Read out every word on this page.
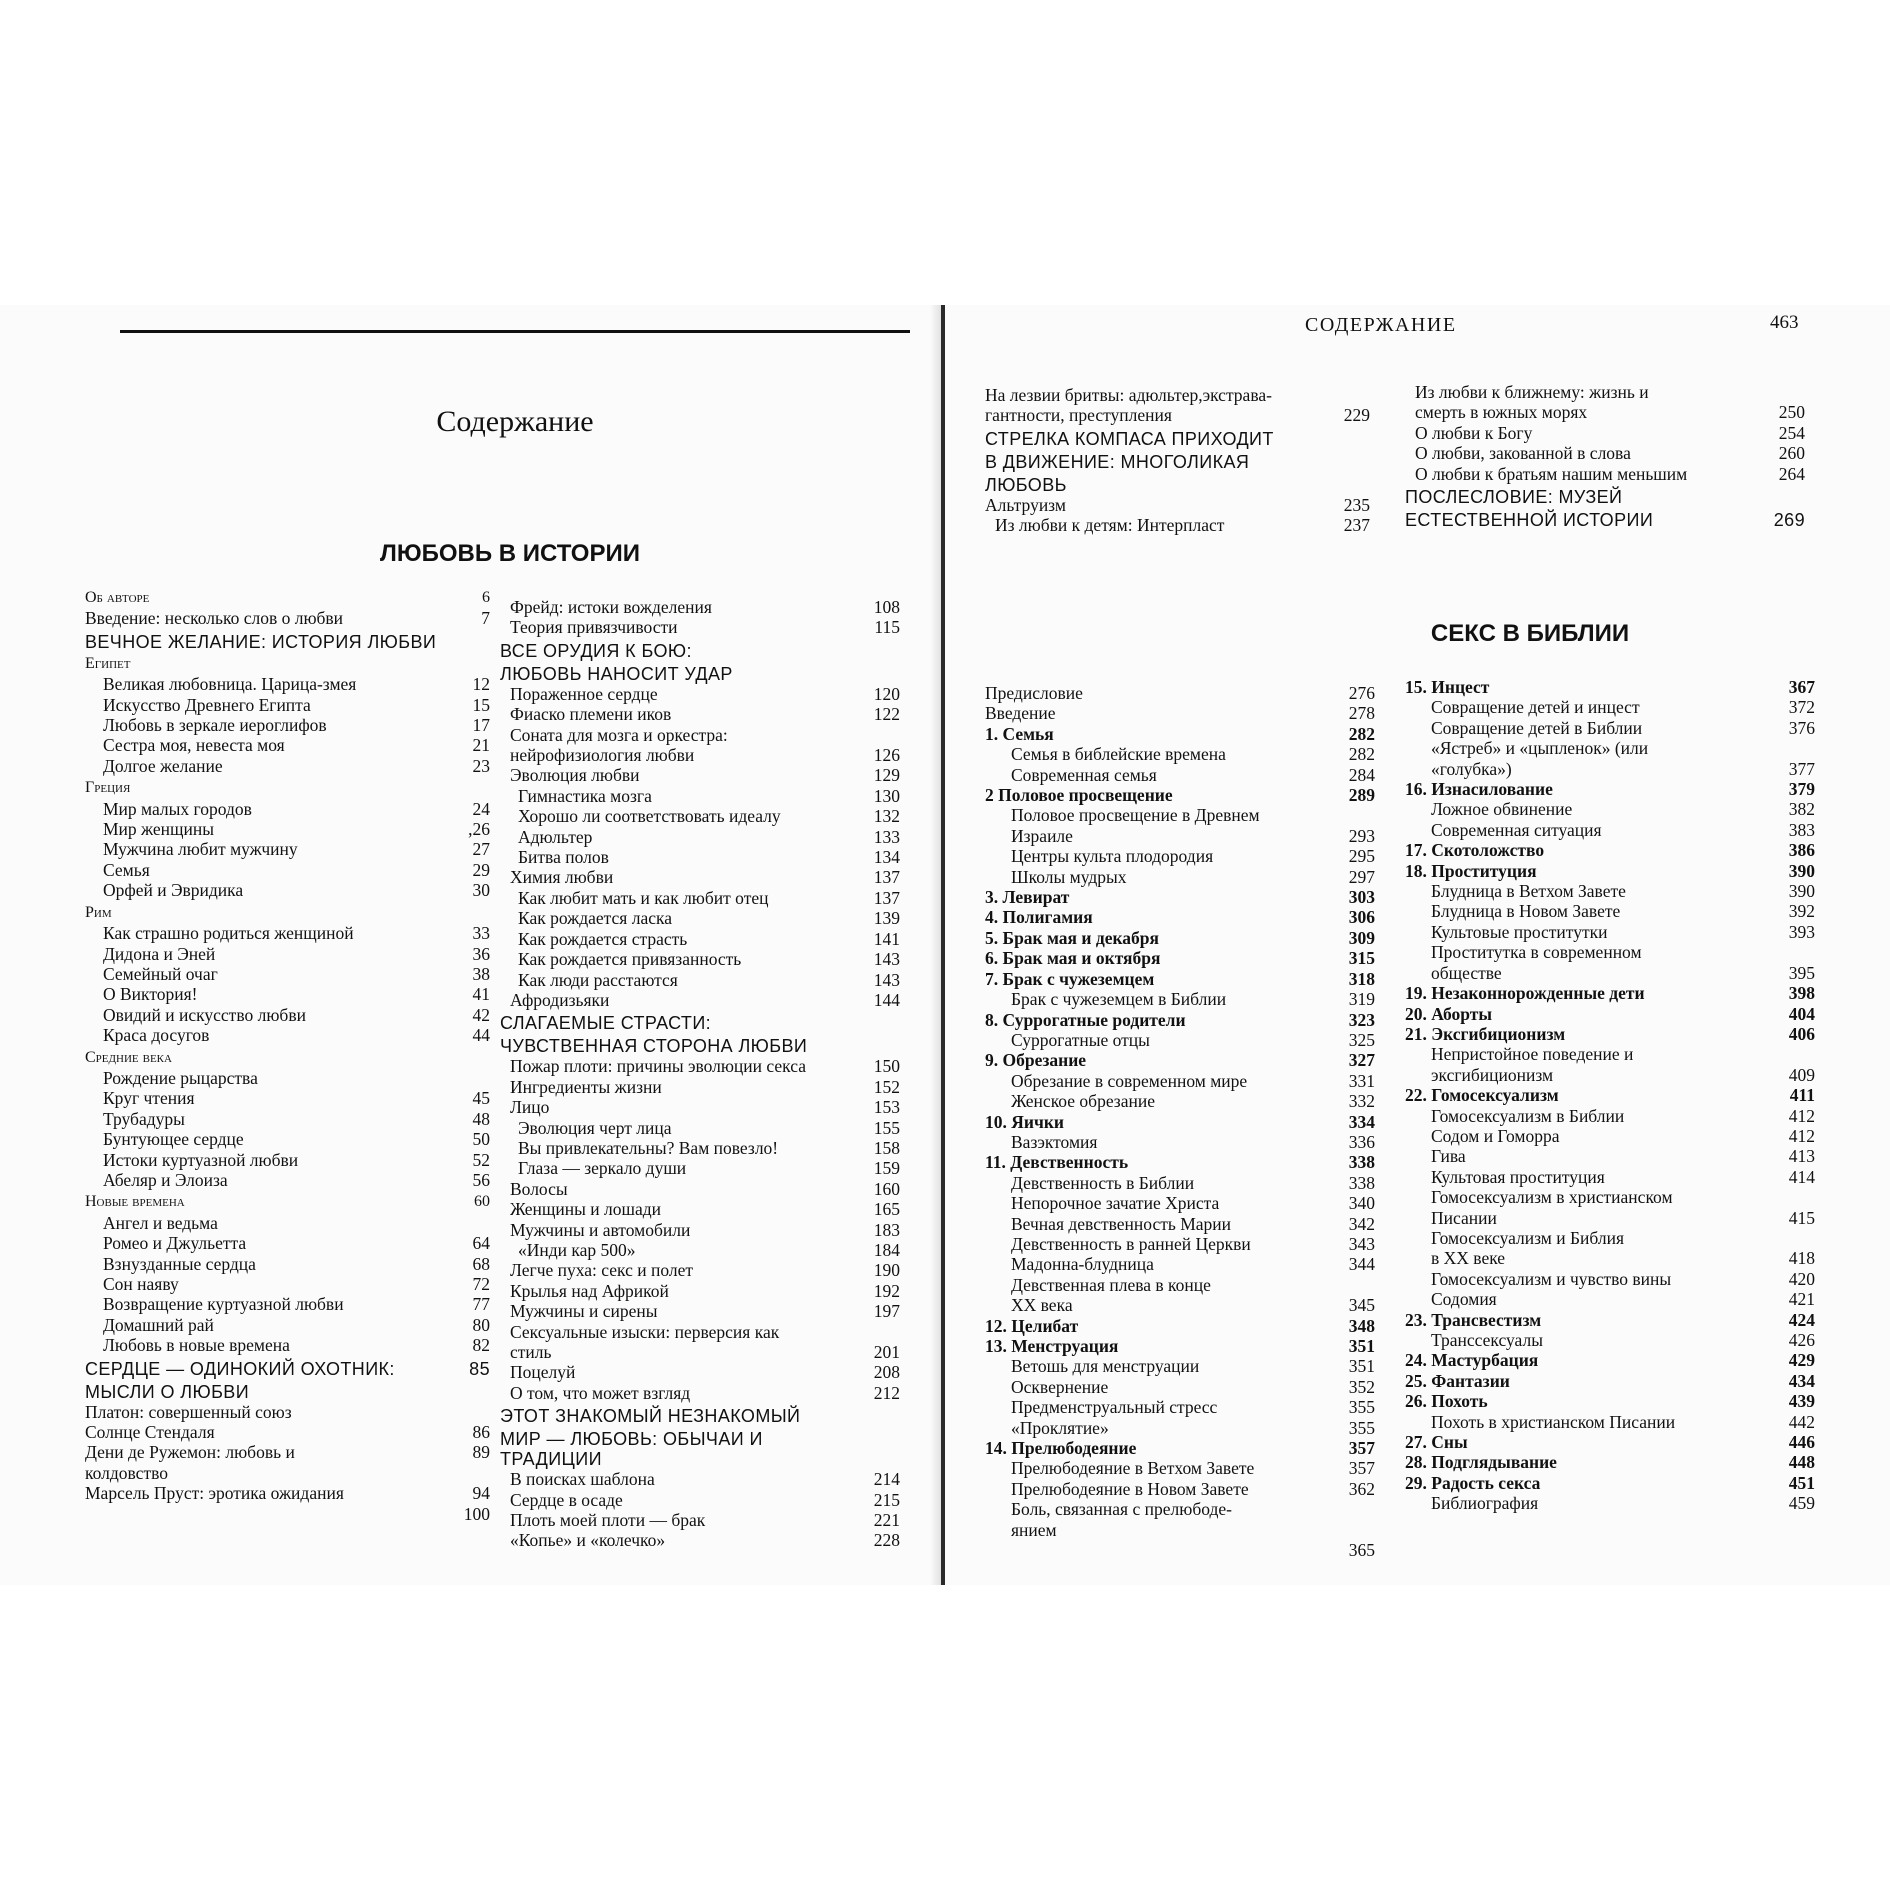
Содержание
ЛЮБОВЬ В ИСТОРИИ
Об авторе	6
Введение: несколько слов о любви	7
ВЕЧНОЕ ЖЕЛАНИЕ: ИСТОРИЯ ЛЮБВИ
Египет
Великая любовница. Царица-змея	12
Искусство Древнего Египта	15
Любовь в зеркале иероглифов	17
Сестра моя, невеста моя	21
Долгое желание	23
Греция
Мир малых городов	24
Мир женщины	,26
Мужчина любит мужчину	27
Семья	29
Орфей и Эвридика	30
Рим
Как страшно родиться женщиной	33
Дидона и Эней	36
Семейный очаг	38
О Виктория!	41
Овидий и искусство любви	42
Краса досугов	44
Средние века
Рождение рыцарства
Круг чтения	45
Трубадуры	48
Бунтующее сердце	50
Истоки куртуазной любви	52
Абеляр и Элоиза	56
Новые времена	60
Ангел и ведьма
Ромео и Джульетта	64
Взнузданные сердца	68
Сон наяву	72
Возвращение куртуазной любви	77
Домашний рай	80
Любовь в новые времена	82
СЕРДЦЕ — ОДИНОКИЙ ОХОТНИК:	85
МЫСЛИ О ЛЮБВИ
Платон: совершенный союз
Солнце Стендаля	86
Дени де Ружемон: любовь и	89
колдовство
Марсель Пруст: эротика ожидания	94
100
Фрейд: истоки вожделения	108
Теория привязчивости	115
ВСЕ ОРУДИЯ К БОЮ:
ЛЮБОВЬ НАНОСИТ УДАР
Пораженное сердце	120
Фиаско племени иков	122
Соната для мозга и оркестра:
нейрофизиология любви	126
Эволюция любви	129
Гимнастика мозга	130
Хорошо ли соответствовать идеалу	132
Адюльтер	133
Битва полов	134
Химия любви	137
Как любит мать и как любит отец	137
Как рождается ласка	139
Как рождается страсть	141
Как рождается привязанность	143
Как люди расстаются	143
Афродизьяки	144
СЛАГАЕМЫЕ СТРАСТИ:
ЧУВСТВЕННАЯ СТОРОНА ЛЮБВИ
Пожар плоти: причины эволюции секса	150
Ингредиенты жизни	152
Лицо	153
Эволюция черт лица	155
Вы привлекательны? Вам повезло!	158
Глаза — зеркало души	159
Волосы	160
Женщины и лошади	165
Мужчины и автомобили	183
«Инди кар 500»	184
Легче пуха: секс и полет	190
Крылья над Африкой	192
Мужчины и сирены	197
Сексуальные изыски: перверсия как
стиль	201
Поцелуй	208
О том, что может взгляд	212
ЭТОТ ЗНАКОМЫЙ НЕЗНАКОМЫЙ
МИР — ЛЮБОВЬ: ОБЫЧАИ И ТРАДИЦИИ
В поисках шаблона	214
Сердце в осаде	215
Плоть моей плоти — брак	221
«Копье» и «колечко»	228
СОДЕРЖАНИЕ	463
На лезвии бритвы: адюльтер,экстрава-
гантности, преступления	229
СТРЕЛКА КОМПАСА ПРИХОДИТ
В ДВИЖЕНИЕ: МНОГОЛИКАЯ
ЛЮБОВЬ
Альтруизм	235
Из любви к детям: Интерпласт	237
Из любви к ближнему: жизнь и
смерть в южных морях	250
О любви к Богу	254
О любви, закованной в слова	260
О любви к братьям нашим меньшим	264
ПОСЛЕСЛОВИЕ: МУЗЕЙ
ЕСТЕСТВЕННОЙ ИСТОРИИ	269
СЕКС В БИБЛИИ
Предисловие	276
Введение	278
1. Семья	282
Семья в библейские времена	282
Современная семья	284
2 Половое просвещение	289
Половое просвещение в Древнем
Израиле	293
Центры культа плодородия	295
Школы мудрых	297
3. Левират	303
4. Полигамия	306
5. Брак мая и декабря	309
6. Брак мая и октября	315
7. Брак с чужеземцем	318
Брак с чужеземцем в Библии	319
8. Суррогатные родители	323
Суррогатные отцы	325
9. Обрезание	327
Обрезание в современном мире	331
Женское обрезание	332
10. Яички	334
Вазэктомия	336
11. Девственность	338
Девственность в Библии	338
Непорочное зачатие Христа	340
Вечная девственность Марии	342
Девственность в ранней Церкви	343
Мадонна-блудница	344
Девственная плева в конце
XX века	345
12. Целибат	348
13. Менструация	351
Ветошь для менструации	351
Осквернение	352
Предменструальный стресс	355
«Проклятие»	355
14. Прелюбодеяние	357
Прелюбодеяние в Ветхом Завете	357
Прелюбодеяние в Новом Завете	362
Боль, связанная с прелюбоде-
янием
365
15. Инцест	367
Совращение детей и инцест	372
Совращение детей в Библии	376
«Ястреб» и «цыпленок» (или
«голубка»)	377
16. Изнасилование	379
Ложное обвинение	382
Современная ситуация	383
17. Скотоложство	386
18. Проституция	390
Блудница в Ветхом Завете	390
Блудница в Новом Завете	392
Культовые проститутки	393
Проститутка в современном
обществе	395
19. Незаконнорожденные дети	398
20. Аборты	404
21. Эксгибиционизм	406
Непристойное поведение и
эксгибиционизм	409
22. Гомосексуализм	411
Гомосексуализм в Библии	412
Содом и Гоморра	412
Гива	413
Культовая проституция	414
Гомосексуализм в христианском
Писании	415
Гомосексуализм и Библия
в XX веке	418
Гомосексуализм и чувство вины	420
Содомия	421
23. Трансвестизм	424
Транссексуалы	426
24. Мастурбация	429
25. Фантазии	434
26. Похоть	439
Похоть в христианском Писании	442
27. Сны	446
28. Подглядывание	448
29. Радость секса	451
Библиография	459
